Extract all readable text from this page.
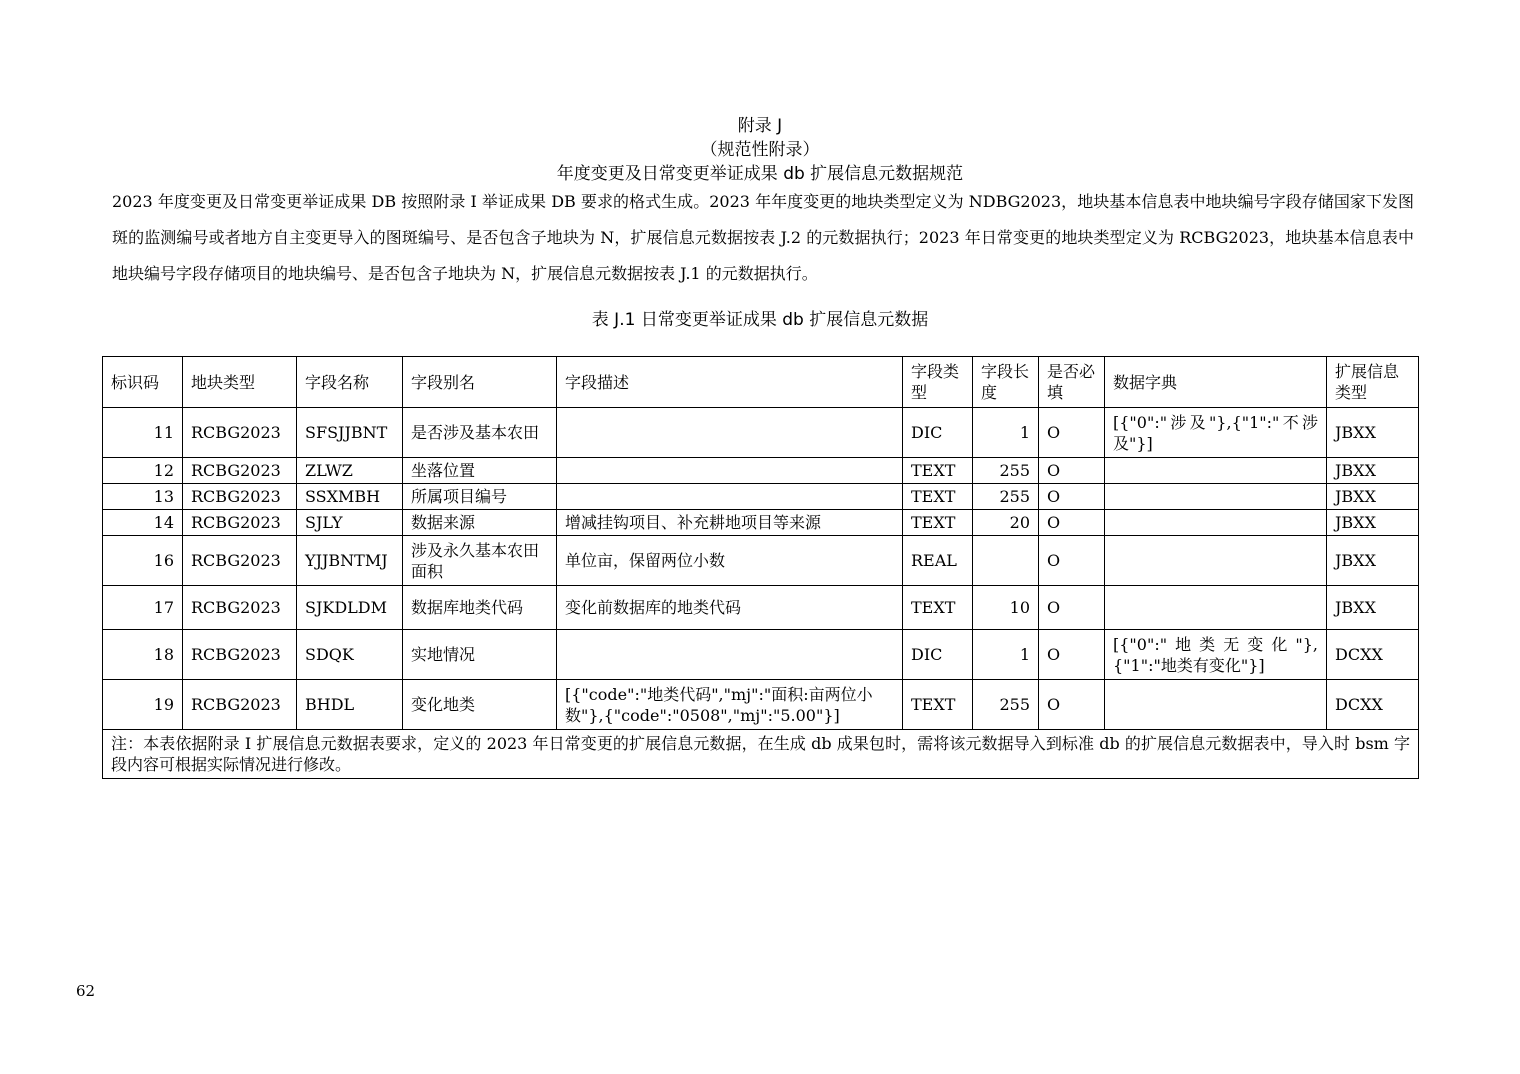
附录 J
（规范性附录）
年度变更及日常变更举证成果 db 扩展信息元数据规范

2023 年度变更及日常变更举证成果 DB 按照附录 I 举证成果 DB 要求的格式生成。2023 年年度变更的地块类型定义为 NDBG2023，地块基本信息表中地块编号字段存储国家下发图斑的监测编号或者地方自主变更导入的图斑编号、是否包含子地块为 N，扩展信息元数据按表 J.2 的元数据执行；2023 年日常变更的地块类型定义为 RCBG2023，地块基本信息表中地块编号字段存储项目的地块编号、是否包含子地块为 N，扩展信息元数据按表 J.1 的元数据执行。

表 J.1 日常变更举证成果 db 扩展信息元数据
标识码	地块类型	字段名称	字段别名	字段描述	字段类型	字段长度	是否必填	数据字典	扩展信息类型
11	RCBG2023	SFSJJBNT	是否涉及基本农田		DIC	1	O	[{"0":"涉及"},{"1":"不涉及"}]	JBXX
12	RCBG2023	ZLWZ	坐落位置		TEXT	255	O		JBXX
13	RCBG2023	SSXMBH	所属项目编号		TEXT	255	O		JBXX
14	RCBG2023	SJLY	数据来源	增减挂钩项目、补充耕地项目等来源	TEXT	20	O		JBXX
16	RCBG2023	YJJBNTMJ	涉及永久基本农田面积	单位亩，保留两位小数	REAL		O		JBXX
17	RCBG2023	SJKDLDM	数据库地类代码	变化前数据库的地类代码	TEXT	10	O		JBXX
18	RCBG2023	SDQK	实地情况		DIC	1	O	[{"0":"地类无变化"},{"1":"地类有变化"}]	DCXX
19	RCBG2023	BHDL	变化地类	[{"code":"地类代码","mj":"面积:亩两位小数"},{"code":"0508","mj":"5.00"}]	TEXT	255	O		DCXX
注：本表依据附录 I 扩展信息元数据表要求，定义的 2023 年日常变更的扩展信息元数据，在生成 db 成果包时，需将该元数据导入到标准 db 的扩展信息元数据表中，导入时 bsm 字段内容可根据实际情况进行修改。									
62
